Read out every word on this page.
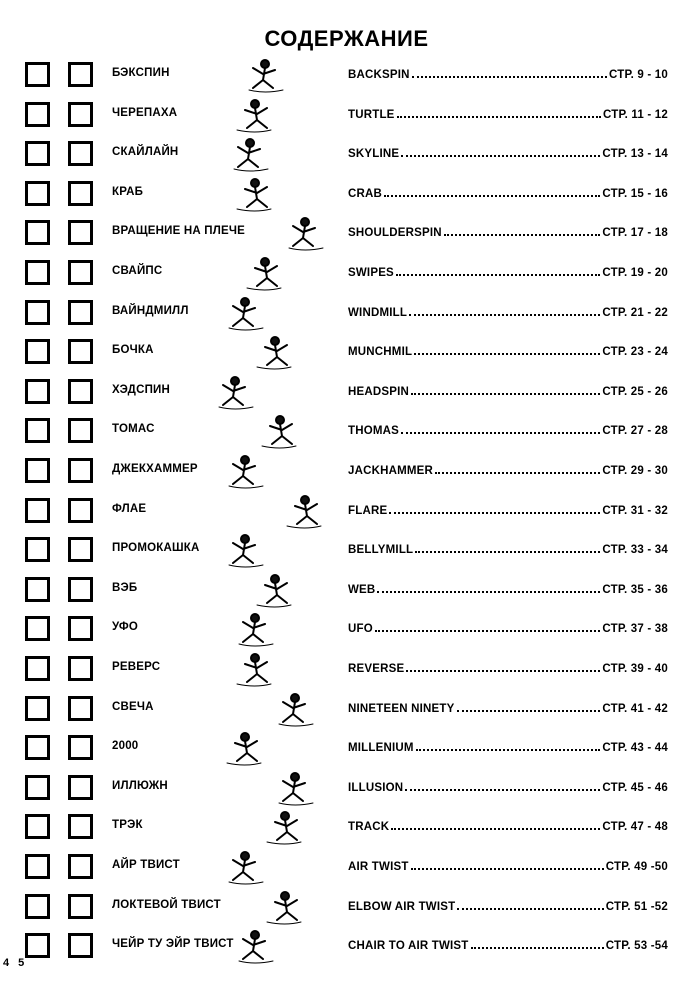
СОДЕРЖАНИЕ
БЭКСПИН	BACKSPIN	СТР. 9 - 10
ЧЕРЕПАХА	TURTLE	СТР. 11 - 12
СКАЙЛАЙН	SKYLINE	СТР. 13 - 14
КРАБ	CRAB	СТР. 15 - 16
ВРАЩЕНИЕ НА ПЛЕЧЕ	SHOULDERSPIN	СТР. 17 - 18
СВАЙПС	SWIPES	СТР. 19 - 20
ВАЙНДМИЛЛ	WINDMILL	СТР. 21 - 22
БОЧКА	MUNCHMIL	СТР. 23 - 24
ХЭДСПИН	HEADSPIN	СТР. 25 - 26
ТОМАС	THOMAS	СТР. 27 - 28
ДЖЕКХАММЕР	JACKHAMMER	СТР. 29 - 30
ФЛАЕ	FLARE	СТР. 31 - 32
ПРОМОКАШКА	BELLYMILL	СТР. 33 - 34
ВЭБ	WEB	СТР. 35 - 36
УФО	UFO	СТР. 37 - 38
РЕВЕРС	REVERSE	СТР. 39 - 40
СВЕЧА	NINETEEN NINETY	СТР. 41 - 42
2000	MILLENIUM	СТР. 43 - 44
ИЛЛЮЖН	ILLUSION	СТР. 45 - 46
ТРЭК	TRACK	СТР. 47 - 48
АЙР ТВИСТ	AIR TWIST	СТР. 49 -50
ЛОКТЕВОЙ ТВИСТ	ELBOW AIR TWIST	СТР. 51 -52
ЧЕЙР ТУ ЭЙР ТВИСТ	CHAIR TO AIR TWIST	СТР. 53 -54
4 5
